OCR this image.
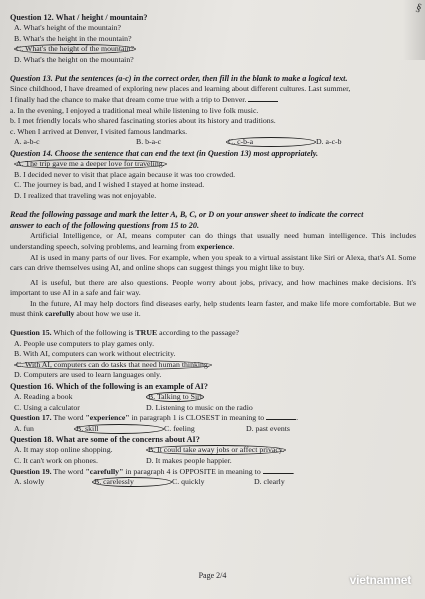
§
Question 12. What / height / mountain?
A. What's height of the mountain?
B. What's the height in the mountain?
C. What's the height of the mountain?
D. What's the height on the mountain?
Question 13. Put the sentences (a-c) in the correct order, then fill in the blank to make a logical text.
Since childhood, I have dreamed of exploring new places and learning about different cultures. Last summer,
I finally had the chance to make that dream come true with a trip to Denver.
a. In the evening, I enjoyed a traditional meal while listening to live folk music.
b. I met friendly locals who shared fascinating stories about its history and traditions.
c. When I arrived at Denver, I visited famous landmarks.
A. a-b-c	B. b-a-c	C. c-b-a	D. a-c-b
Question 14. Choose the sentence that can end the text (in Question 13) most appropriately.
A. The trip gave me a deeper love for traveling.
B. I decided never to visit that place again because it was too crowded.
C. The journey is bad, and I wished I stayed at home instead.
D. I realized that traveling was not enjoyable.
Read the following passage and mark the letter A, B, C, or D on your answer sheet to indicate the correct
answer to each of the following questions from 15 to 20.
Artificial Intelligence, or AI, means computer can do things that usually need human intelligence. This includes understanding speech, solving problems, and learning from experience.
AI is used in many parts of our lives. For example, when you speak to a virtual assistant like Siri or Alexa, that's AI. Some cars can drive themselves using AI, and online shops can suggest things you might like to buy.
AI is useful, but there are also questions. People worry about jobs, privacy, and how machines make decisions. It's important to use AI in a safe and fair way.
In the future, AI may help doctors find diseases early, help students learn faster, and make life more comfortable. But we must think carefully about how we use it.
Question 15. Which of the following is TRUE according to the passage?
A. People use computers to play games only.
B. With AI, computers can work without electricity.
C. With AI, computers can do tasks that need human thinking.
D. Computers are used to learn languages only.
Question 16. Which of the following is an example of AI?
A. Reading a book	B. Talking to Siri
C. Using a calculator	D. Listening to music on the radio
Question 17. The word "experience" in paragraph 1 is CLOSEST in meaning to	.
A. fun	B. skill	C. feeling	D. past events
Question 18. What are some of the concerns about AI?
A. It may stop online shopping.	B. It could take away jobs or affect privacy.
C. It can't work on phones.	D. It makes people happier.
Question 19. The word "carefully" in paragraph 4 is OPPOSITE in meaning to	.
A. slowly	B. carelessly	C. quickly	D. clearly
Page 2/4	vietnamnet
